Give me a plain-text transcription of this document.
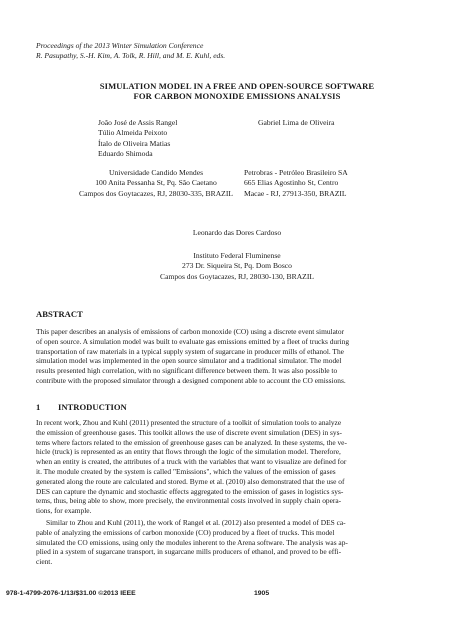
Proceedings of the 2013 Winter Simulation Conference
R. Pasupathy, S.-H. Kim, A. Tolk, R. Hill, and M. E. Kuhl, eds.
SIMULATION MODEL IN A FREE AND OPEN-SOURCE SOFTWARE
FOR CARBON MONOXIDE EMISSIONS ANALYSIS
João José de Assis Rangel
Túlio Almeida Peixoto
Ítalo de Oliveira Matias
Eduardo Shimoda
Universidade Candido Mendes
100 Anita Pessanha St, Pq. São Caetano
Campos dos Goytacazes, RJ, 28030-335, BRAZIL
Gabriel Lima de Oliveira
Petrobras - Petróleo Brasileiro SA
665 Elias Agostinho St, Centro
Macae - RJ, 27913-350, BRAZIL
Leonardo das Dores Cardoso
Instituto Federal Fluminense
273 Dr. Siqueira St, Pq. Dom Bosco
Campos dos Goytacazes, RJ, 28030-130, BRAZIL
ABSTRACT
This paper describes an analysis of emissions of carbon monoxide (CO) using a discrete event simulator
of open source. A simulation model was built to evaluate gas emissions emitted by a fleet of trucks during
transportation of raw materials in a typical supply system of sugarcane in producer mills of ethanol. The
simulation model was implemented in the open source simulator and a traditional simulator. The model
results presented high correlation, with no significant difference between them. It was also possible to
contribute with the proposed simulator through a designed component able to account the CO emissions.
1 INTRODUCTION
In recent work, Zhou and Kuhl (2011) presented the structure of a toolkit of simulation tools to analyze
the emission of greenhouse gases. This toolkit allows the use of discrete event simulation (DES) in sys-
tems where factors related to the emission of greenhouse gases can be analyzed. In these systems, the ve-
hicle (truck) is represented as an entity that flows through the logic of the simulation model. Therefore,
when an entity is created, the attributes of a truck with the variables that want to visualize are defined for
it. The module created by the system is called "Emissions", which the values of the emission of gases
generated along the route are calculated and stored. Byrne et al. (2010) also demonstrated that the use of
DES can capture the dynamic and stochastic effects aggregated to the emission of gases in logistics sys-
tems, thus, being able to show, more precisely, the environmental costs involved in supply chain opera-
tions, for example.
Similar to Zhou and Kuhl (2011), the work of Rangel et al. (2012) also presented a model of DES ca-
pable of analyzing the emissions of carbon monoxide (CO) produced by a fleet of trucks. This model
simulated the CO emissions, using only the modules inherent to the Arena software. The analysis was ap-
plied in a system of sugarcane transport, in sugarcane mills producers of ethanol, and proved to be effi-
cient.
978-1-4799-2076-1/13/$31.00 ©2013 IEEE	1905
